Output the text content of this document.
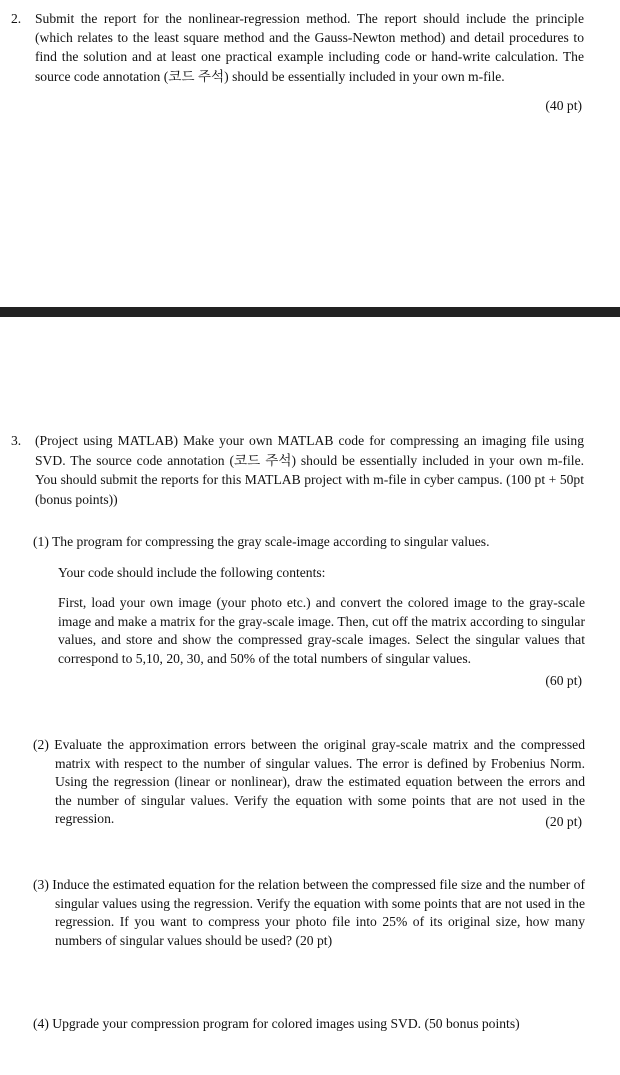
2. Submit the report for the nonlinear-regression method. The report should include the principle (which relates to the least square method and the Gauss-Newton method) and detail procedures to find the solution and at least one practical example including code or hand-write calculation. The source code annotation (코드 주석) should be essentially included in your own m-file.

(40 pt)
3. (Project using MATLAB) Make your own MATLAB code for compressing an imaging file using SVD. The source code annotation (코드 주석) should be essentially included in your own m-file. You should submit the reports for this MATLAB project with m-file in cyber campus. (100 pt + 50pt (bonus points))

(1) The program for compressing the gray scale-image according to singular values.

Your code should include the following contents:

First, load your own image (your photo etc.) and convert the colored image to the gray-scale image and make a matrix for the gray-scale image. Then, cut off the matrix according to singular values, and store and show the compressed gray-scale images. Select the singular values that correspond to 5,10, 20, 30, and 50% of the total numbers of singular values.

(60 pt)

(2) Evaluate the approximation errors between the original gray-scale matrix and the compressed matrix with respect to the number of singular values. The error is defined by Frobenius Norm. Using the regression (linear or nonlinear), draw the estimated equation between the errors and the number of singular values. Verify the equation with some points that are not used in the regression.	(20 pt)

(3) Induce the estimated equation for the relation between the compressed file size and the number of singular values using the regression. Verify the equation with some points that are not used in the regression. If you want to compress your photo file into 25% of its original size, how many numbers of singular values should be used? (20 pt)

(4) Upgrade your compression program for colored images using SVD. (50 bonus points)
